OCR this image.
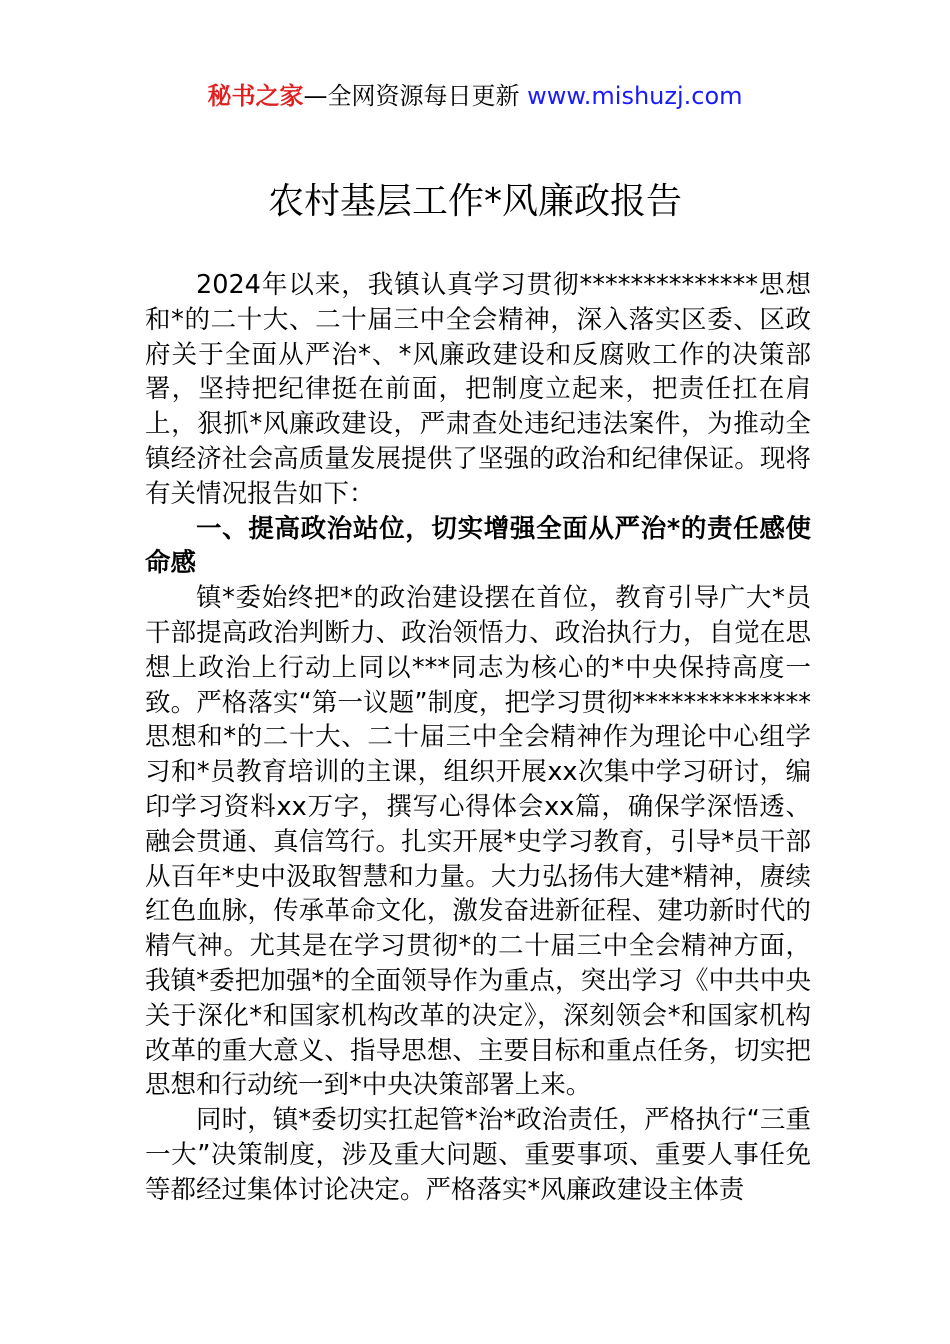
秘书之家—全网资源每日更新 www.mishuzj.com
农村基层工作*风廉政报告

2024年以来，我镇认真学习贯彻**************思想和*的二十大、二十届三中全会精神，深入落实区委、区政府关于全面从严治*、*风廉政建设和反腐败工作的决策部署，坚持把纪律挺在前面，把制度立起来，把责任扛在肩上，狠抓*风廉政建设，严肃查处违纪违法案件，为推动全镇经济社会高质量发展提供了坚强的政治和纪律保证。现将有关情况报告如下：

一、提高政治站位，切实增强全面从严治*的责任感使命感

镇*委始终把*的政治建设摆在首位，教育引导广大*员干部提高政治判断力、政治领悟力、政治执行力，自觉在思想上政治上行动上同以***同志为核心的*中央保持高度一致。严格落实“第一议题”制度，把学习贯彻**************思想和*的二十大、二十届三中全会精神作为理论中心组学习和*员教育培训的主课，组织开展xx次集中学习研讨，编印学习资料xx万字，撰写心得体会xx篇，确保学深悟透、融会贯通、真信笃行。扎实开展*史学习教育，引导*员干部从百年*史中汲取智慧和力量。大力弘扬伟大建*精神，赓续红色血脉，传承革命文化，激发奋进新征程、建功新时代的精气神。尤其是在学习贯彻*的二十届三中全会精神方面，我镇*委把加强*的全面领导作为重点，突出学习《中共中央关于深化*和国家机构改革的决定》，深刻领会*和国家机构改革的重大意义、指导思想、主要目标和重点任务，切实把思想和行动统一到*中央决策部署上来。

同时，镇*委切实扛起管*治*政治责任，严格执行“三重一大”决策制度，涉及重大问题、重要事项、重要人事任免等都经过集体讨论决定。严格落实*风廉政建设主体责
